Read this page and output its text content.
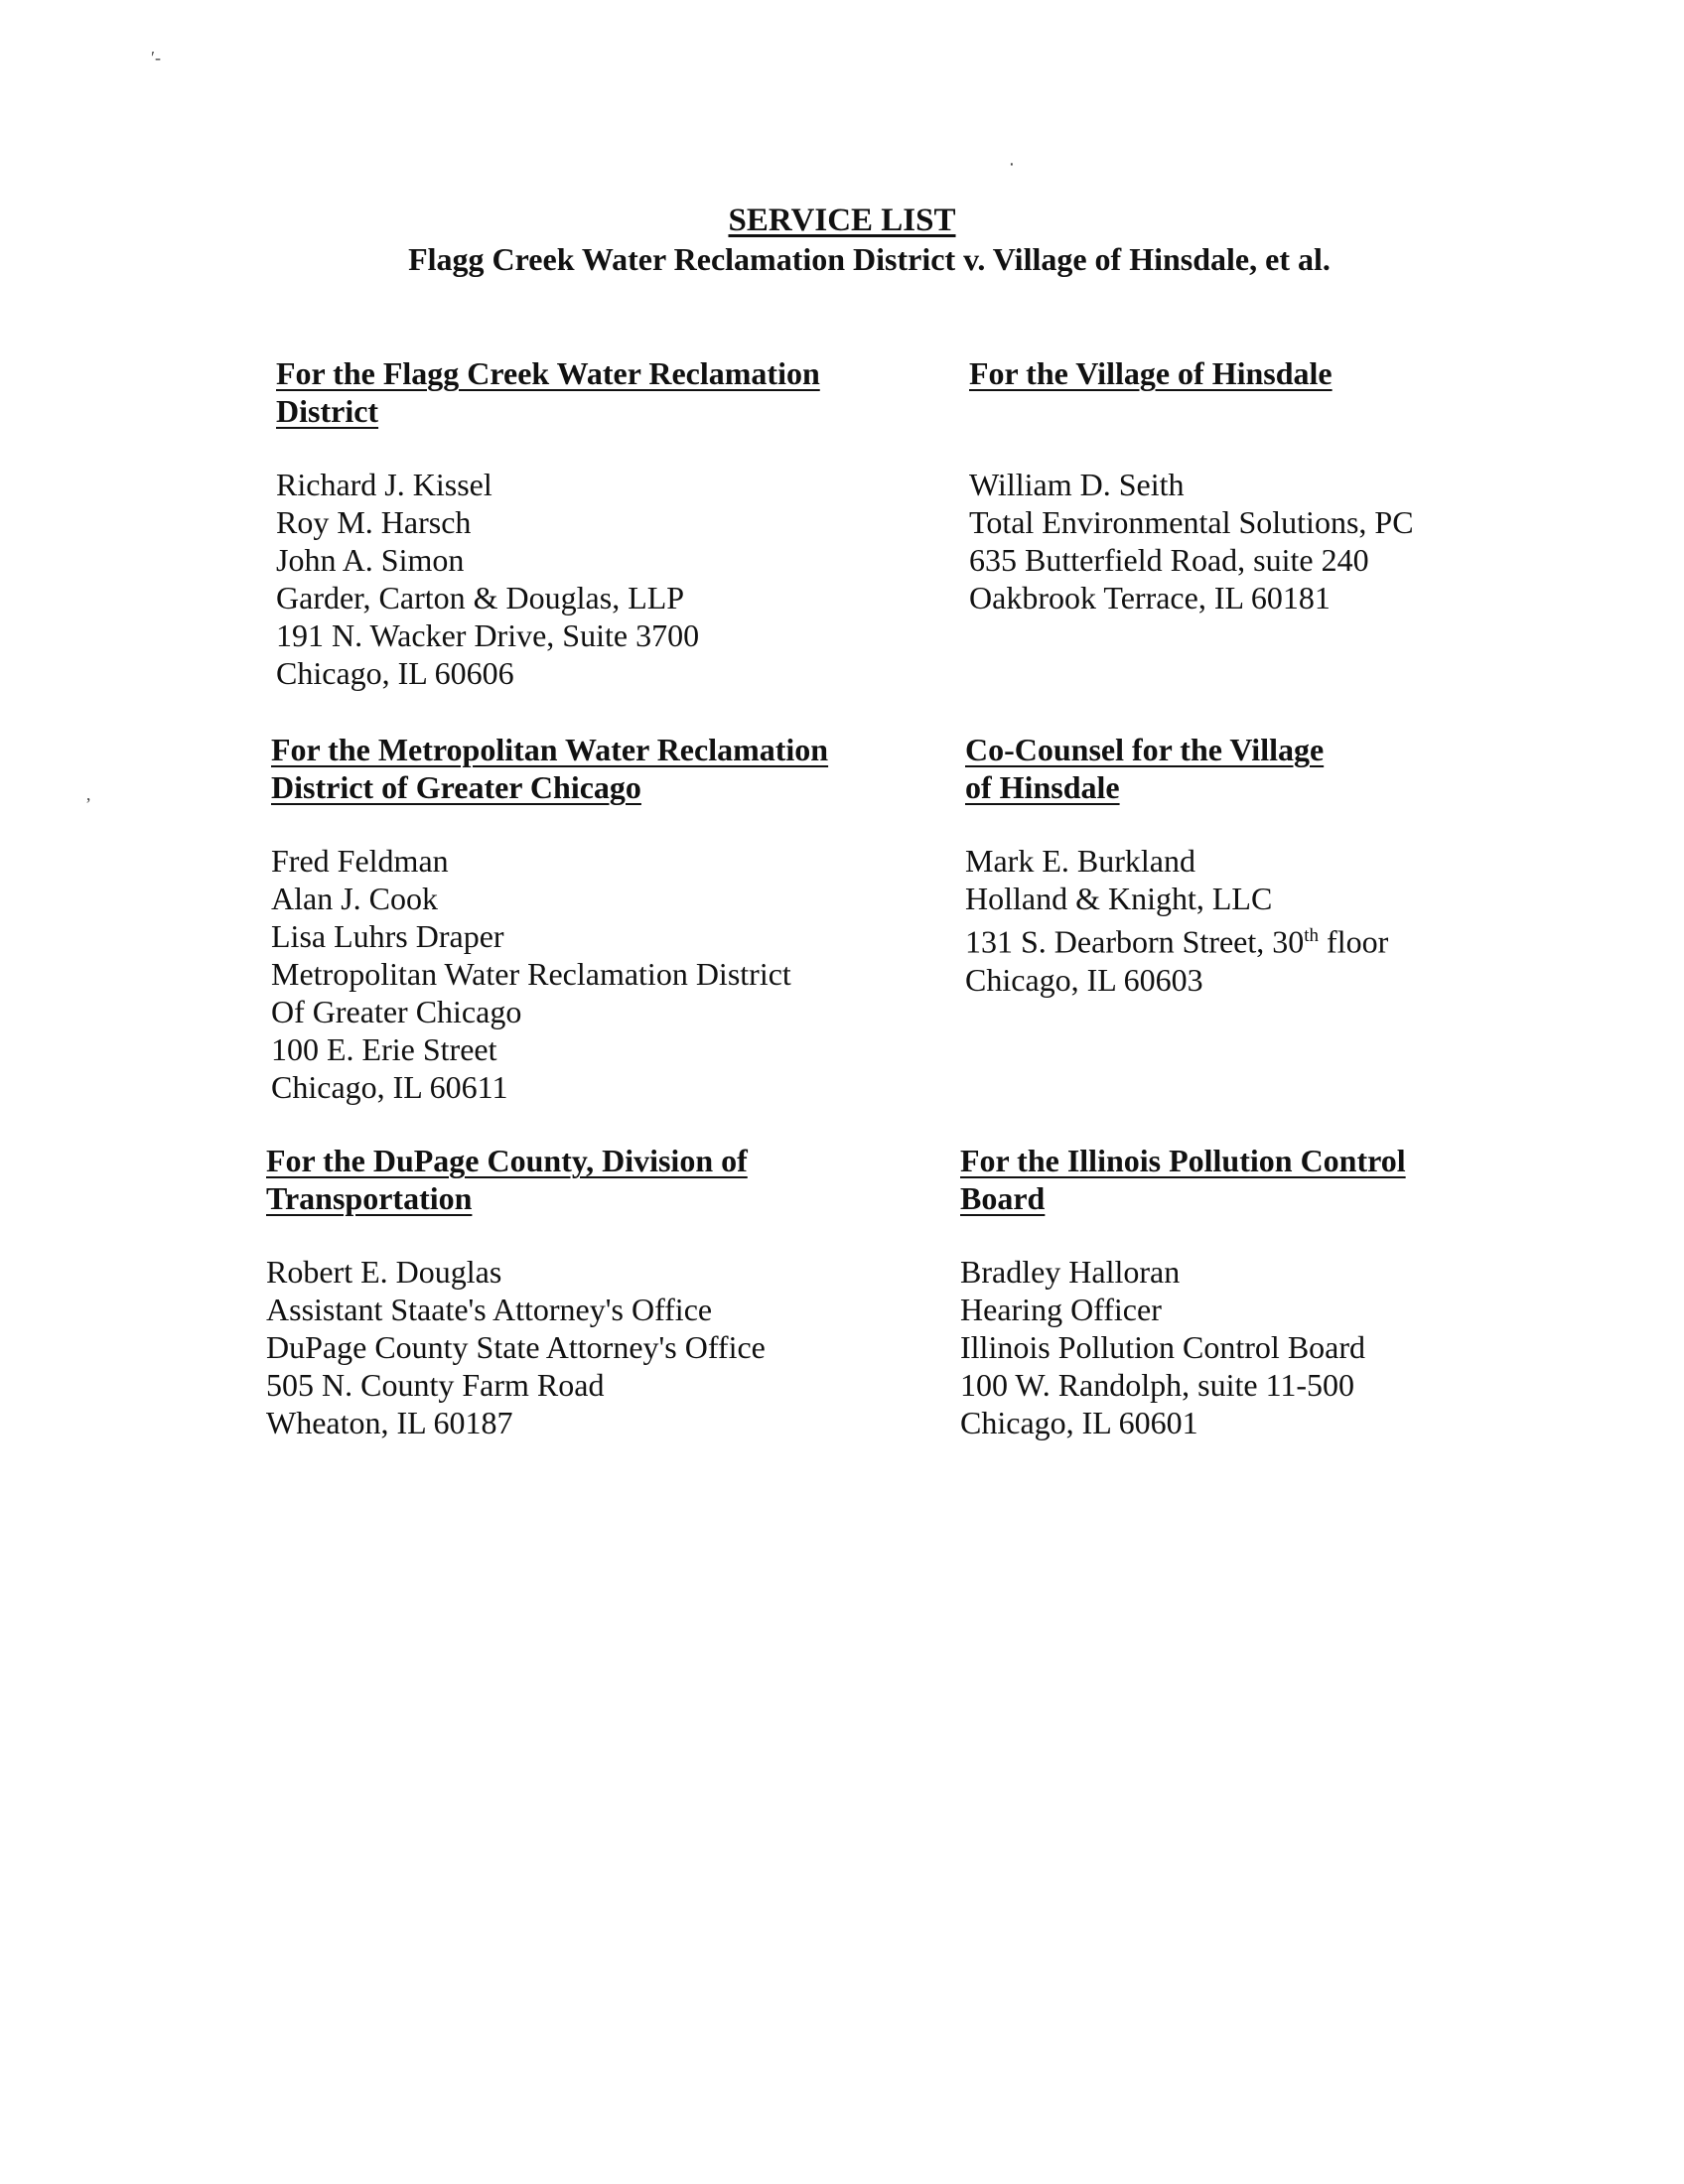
SERVICE LIST
Flagg Creek Water Reclamation District v. Village of Hinsdale, et al.
For the Flagg Creek Water Reclamation
District
Richard J. Kissel
Roy M. Harsch
John A. Simon
Garder, Carton & Douglas, LLP
191 N. Wacker Drive, Suite 3700
Chicago, IL 60606
For the Village of Hinsdale
William D. Seith
Total Environmental Solutions, PC
635 Butterfield Road, suite 240
Oakbrook Terrace, IL 60181
For the Metropolitan Water Reclamation
District of Greater Chicago
Fred Feldman
Alan J. Cook
Lisa Luhrs Draper
Metropolitan Water Reclamation District
Of Greater Chicago
100 E. Erie Street
Chicago, IL 60611
Co-Counsel for the Village
of Hinsdale
Mark E. Burkland
Holland & Knight, LLC
131 S. Dearborn Street, 30th floor
Chicago, IL 60603
For the DuPage County, Division of
Transportation
Robert E. Douglas
Assistant Staate's Attorney's Office
DuPage County State Attorney's Office
505 N. County Farm Road
Wheaton, IL 60187
For the Illinois Pollution Control
Board
Bradley Halloran
Hearing Officer
Illinois Pollution Control Board
100 W. Randolph, suite 11-500
Chicago, IL 60601
′‐
‧
’
